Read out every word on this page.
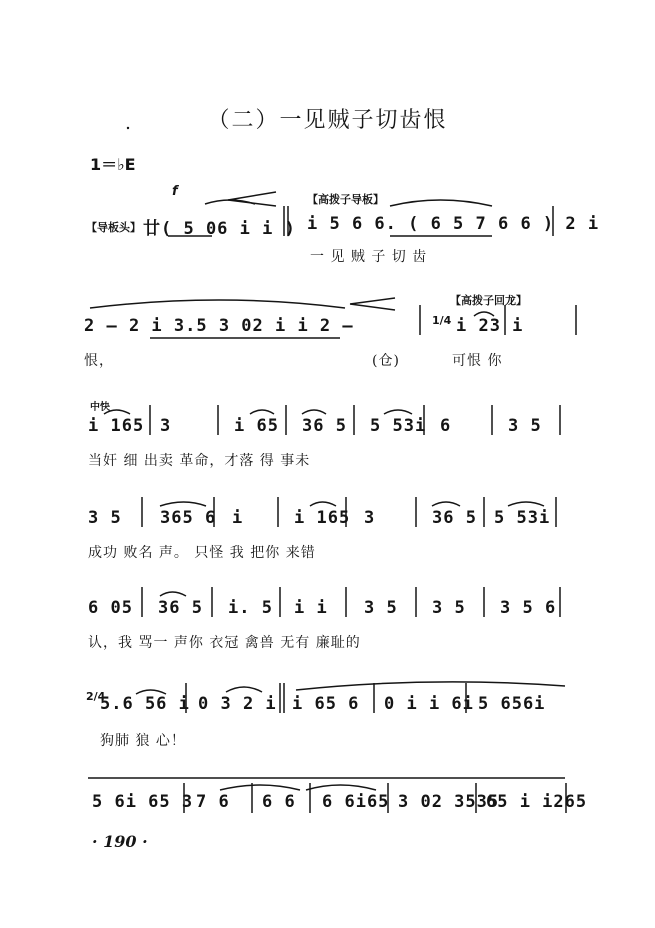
（二）一见贼子切齿恨
1＝♭E
【导板头】
f
廿( 5 06 i i )
【高拨子导板】
i 5 6 6. ( 6 5 7 6 6 ) 2 i
一 见 贼 子 切 齿
【高拨子回龙】
2 – 2 i 3.5 3 02 i i 2 –	1/4 i 23 i
恨，	(仓)	可恨 你
中快
i 165 3	i 65 36 5 5 53i 6	3 5
当奸 细 出卖 革命，才落 得 事未
3 5 365 6 i	i 165 3	36 5 5 53i
成功 败名 声。 只怪 我 把你 来错
6 05 36 5 i. 5 i i 3 5 3 5 3 5 6
认，我 骂一 声你 衣冠 禽兽 无有 廉耻的
2/4
5.6 56 i 0 3 2 i i 65 6 0 i i 6i 5 656i
狗肺 狼 心！
5 6i 65 3 7 6 6 6 6 6i65 3 02 3535
65 i i265
· 190 ·
